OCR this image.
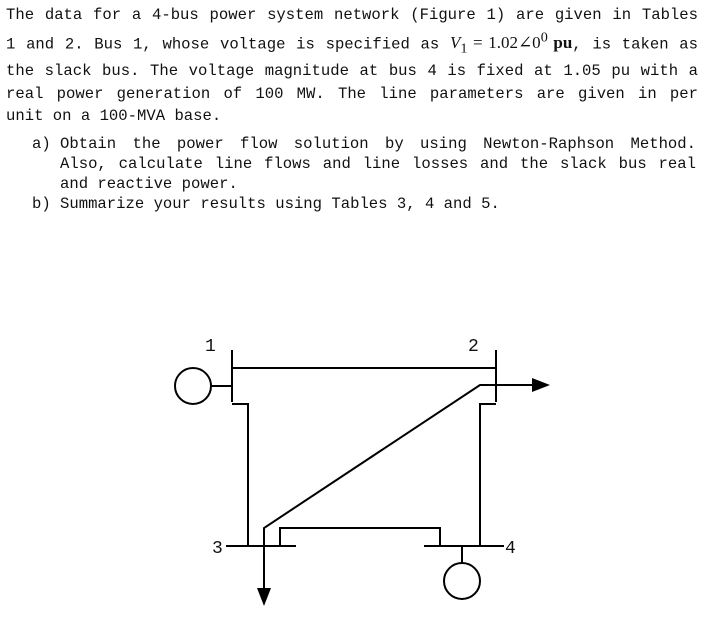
The data for a 4-bus power system network (Figure 1) are given in Tables 1 and 2. Bus 1, whose voltage is specified as $V_1$ = $1.02\angle 0^0$ pu, is taken as the slack bus. The voltage magnitude at bus 4 is fixed at 1.05 pu with a real power generation of 100 MW. The line parameters are given in per unit on a 100-MVA base.

a) Obtain the power flow solution by using Newton-Raphson Method. Also, calculate line flows and line losses and the slack bus real and reactive power.
b) Summarize your results using Tables 3, 4 and 5.
1	2
3	4
